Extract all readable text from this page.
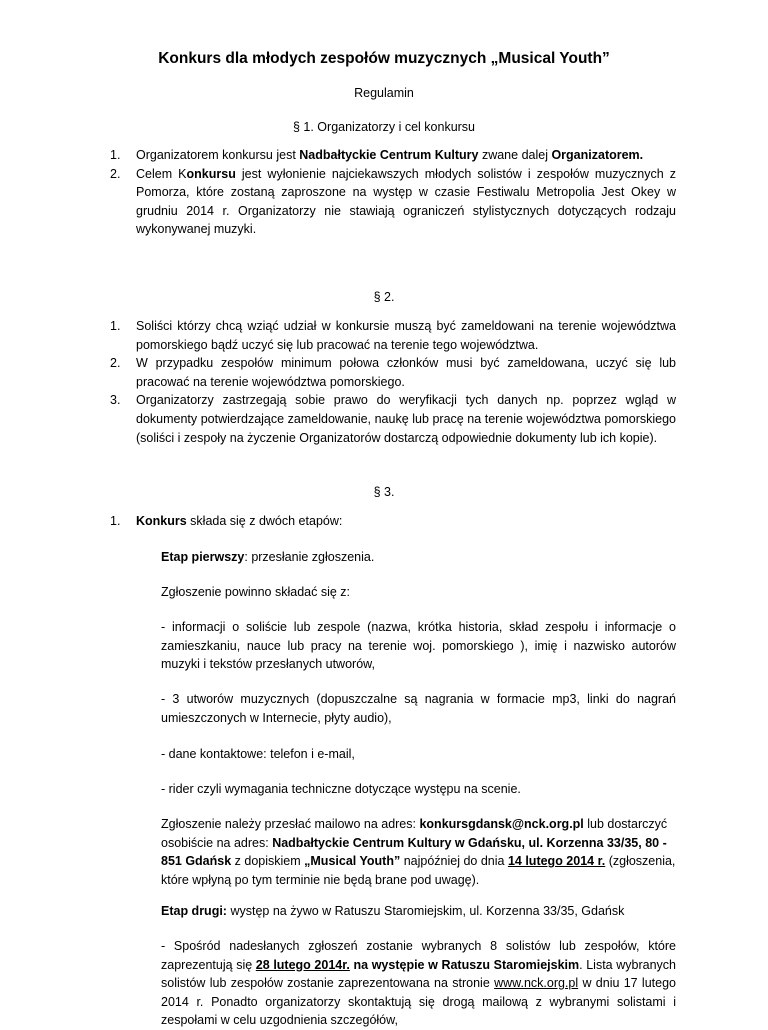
Konkurs dla młodych zespołów muzycznych „Musical Youth”
Regulamin
§ 1. Organizatorzy i cel konkursu
1. Organizatorem konkursu jest Nadbałtyckie Centrum Kultury zwane dalej Organizatorem.
2. Celem Konkursu jest wyłonienie najciekawszych młodych solistów i zespołów muzycznych z Pomorza, które zostaną zaproszone na występ w czasie Festiwalu Metropolia Jest Okey w grudniu 2014 r. Organizatorzy nie stawiają ograniczeń stylistycznych dotyczących rodzaju wykonywanej muzyki.
§ 2.
1. Soliści którzy chcą wziąć udział w konkursie muszą być zameldowani na terenie województwa pomorskiego bądź uczyć się lub pracować na terenie tego województwa.
2. W przypadku zespołów minimum połowa członków musi być zameldowana, uczyć się lub pracować na terenie województwa pomorskiego.
3. Organizatorzy zastrzegają sobie prawo do weryfikacji tych danych np. poprzez wgląd w dokumenty potwierdzające zameldowanie, naukę lub pracę na terenie województwa pomorskiego (soliści i zespoły na życzenie Organizatorów dostarczą odpowiednie dokumenty lub ich kopie).
§ 3.
1. Konkurs składa się z dwóch etapów:
Etap pierwszy: przesłanie zgłoszenia.
Zgłoszenie powinno składać się z:
- informacji o soliście lub zespole (nazwa, krótka historia, skład zespołu i informacje o zamieszkaniu, nauce lub pracy na terenie woj. pomorskiego ), imię i nazwisko autorów muzyki i tekstów przesłanych utworów,
- 3 utworów muzycznych (dopuszczalne są nagrania w formacie mp3, linki do nagrań umieszczonych w Internecie, płyty audio),
- dane kontaktowe: telefon i e-mail,
- rider czyli wymagania techniczne dotyczące występu na scenie.
Zgłoszenie należy przesłać mailowo na adres: konkursgdansk@nck.org.pl lub dostarczyć osobiście na adres: Nadbałtyckie Centrum Kultury w Gdańsku, ul. Korzenna 33/35, 80 - 851 Gdańsk z dopiskiem „Musical Youth” najpóźniej do dnia 14 lutego 2014 r. (zgłoszenia, które wpłyną po tym terminie nie będą brane pod uwagę).
Etap drugi: występ na żywo w Ratuszu Staromiejskim, ul. Korzenna 33/35, Gdańsk
- Spośród nadesłanych zgłoszeń zostanie wybranych 8 solistów lub zespołów, które zaprezentują się 28 lutego 2014r. na występie w Ratuszu Staromiejskim. Lista wybranych solistów lub zespołów zostanie zaprezentowana na stronie www.nck.org.pl w dniu 17 lutego 2014 r. Ponadto organizatorzy skontaktują się drogą mailową z wybranymi solistami i zespołami w celu uzgodnienia szczegółów,
